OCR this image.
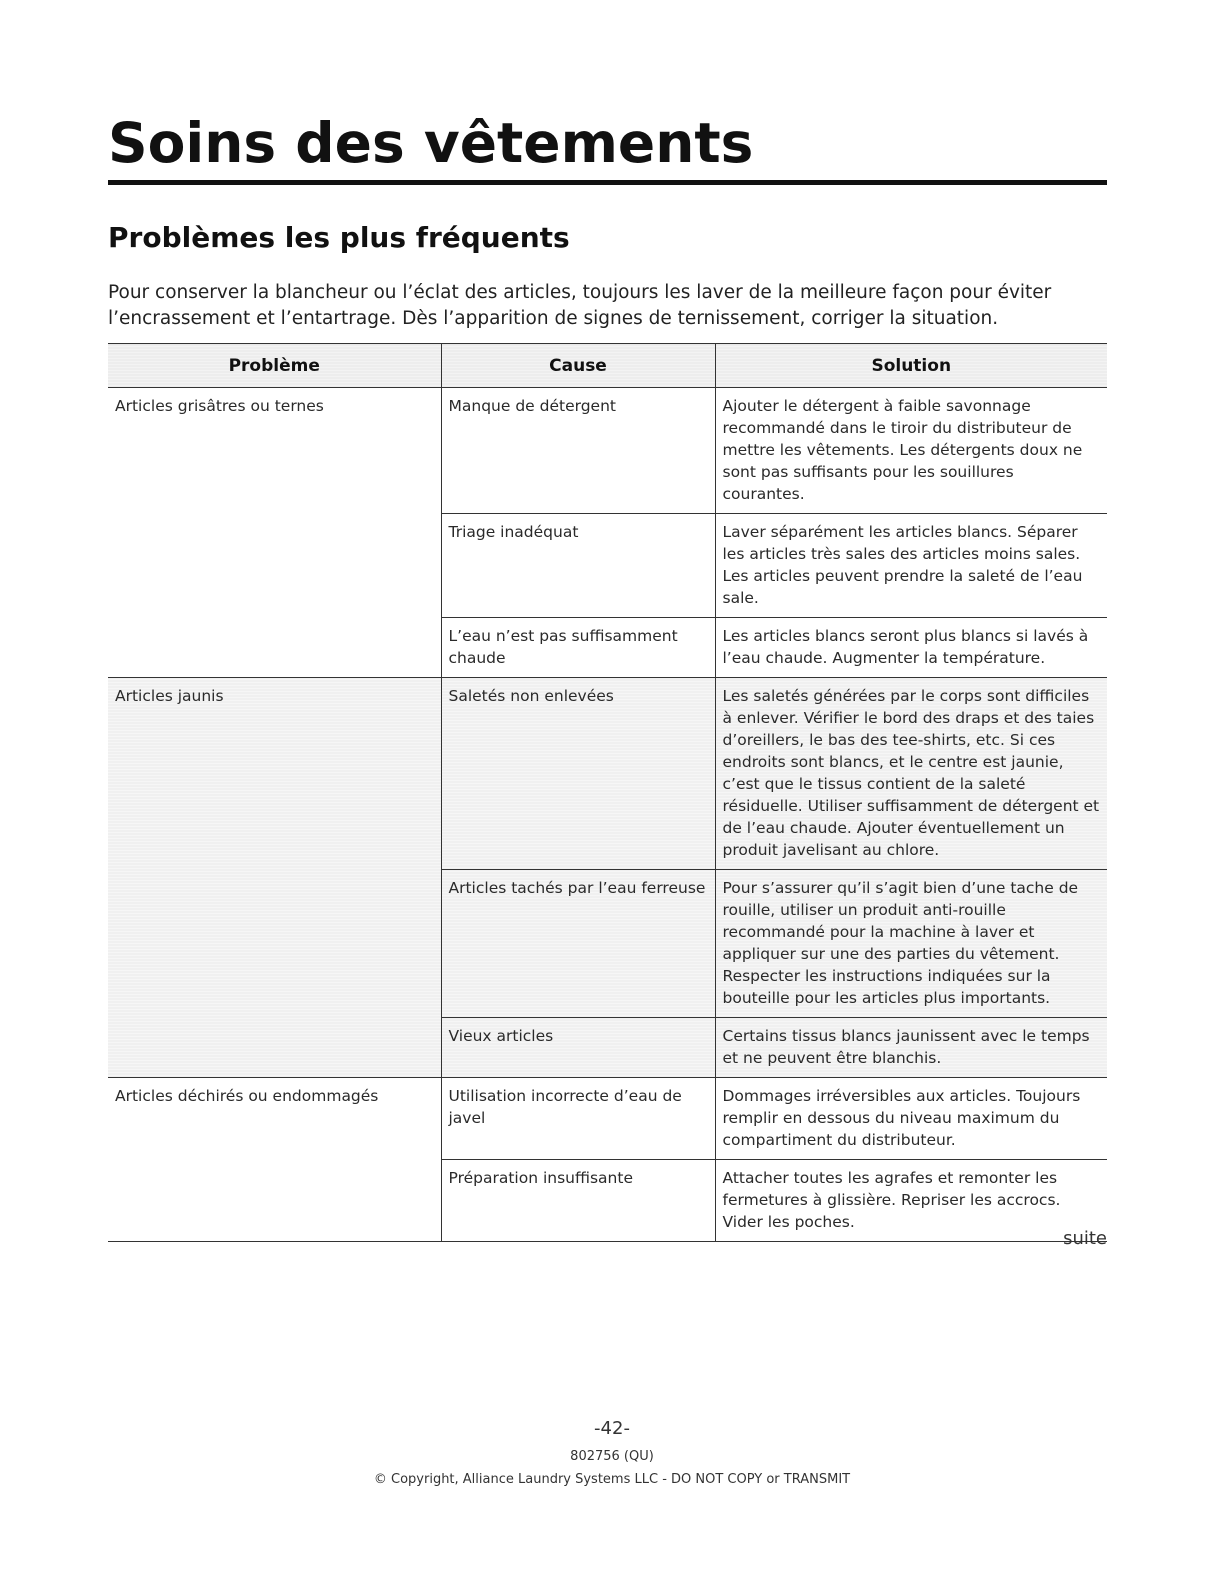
Soins des vêtements
Problèmes les plus fréquents

Pour conserver la blancheur ou l’éclat des articles, toujours les laver de la meilleure façon pour éviter l’encrassement et l’entartrage. Dès l’apparition de signes de ternissement, corriger la situation.

Problème	Cause	Solution
Articles grisâtres ou ternes	Manque de détergent	Ajouter le détergent à faible savonnage recommandé dans le tiroir du distributeur de mettre les vêtements. Les détergents doux ne sont pas suffisants pour les souillures courantes.
	Triage inadéquat	Laver séparément les articles blancs. Séparer les articles très sales des articles moins sales. Les articles peuvent prendre la saleté de l’eau sale.
	L’eau n’est pas suffisamment chaude	Les articles blancs seront plus blancs si lavés à l’eau chaude. Augmenter la température.
Articles jaunis	Saletés non enlevées	Les saletés générées par le corps sont difficiles à enlever. Vérifier le bord des draps et des taies d’oreillers, le bas des tee-shirts, etc. Si ces endroits sont blancs, et le centre est jaunie, c’est que le tissus contient de la saleté résiduelle. Utiliser suffisamment de détergent et de l’eau chaude. Ajouter éventuellement un produit javelisant au chlore.
	Articles tachés par l’eau ferreuse	Pour s’assurer qu’il s’agit bien d’une tache de rouille, utiliser un produit anti-rouille recommandé pour la machine à laver et appliquer sur une des parties du vêtement. Respecter les instructions indiquées sur la bouteille pour les articles plus importants.
	Vieux articles	Certains tissus blancs jaunissent avec le temps et ne peuvent être blanchis.
Articles déchirés ou endommagés	Utilisation incorrecte d’eau de javel	Dommages irréversibles aux articles. Toujours remplir en dessous du niveau maximum du compartiment du distributeur.
	Préparation insuffisante	Attacher toutes les agrafes et remonter les fermetures à glissière. Repriser les accrocs. Vider les poches.
suite
-42-
802756 (QU)
© Copyright, Alliance Laundry Systems LLC - DO NOT COPY or TRANSMIT
